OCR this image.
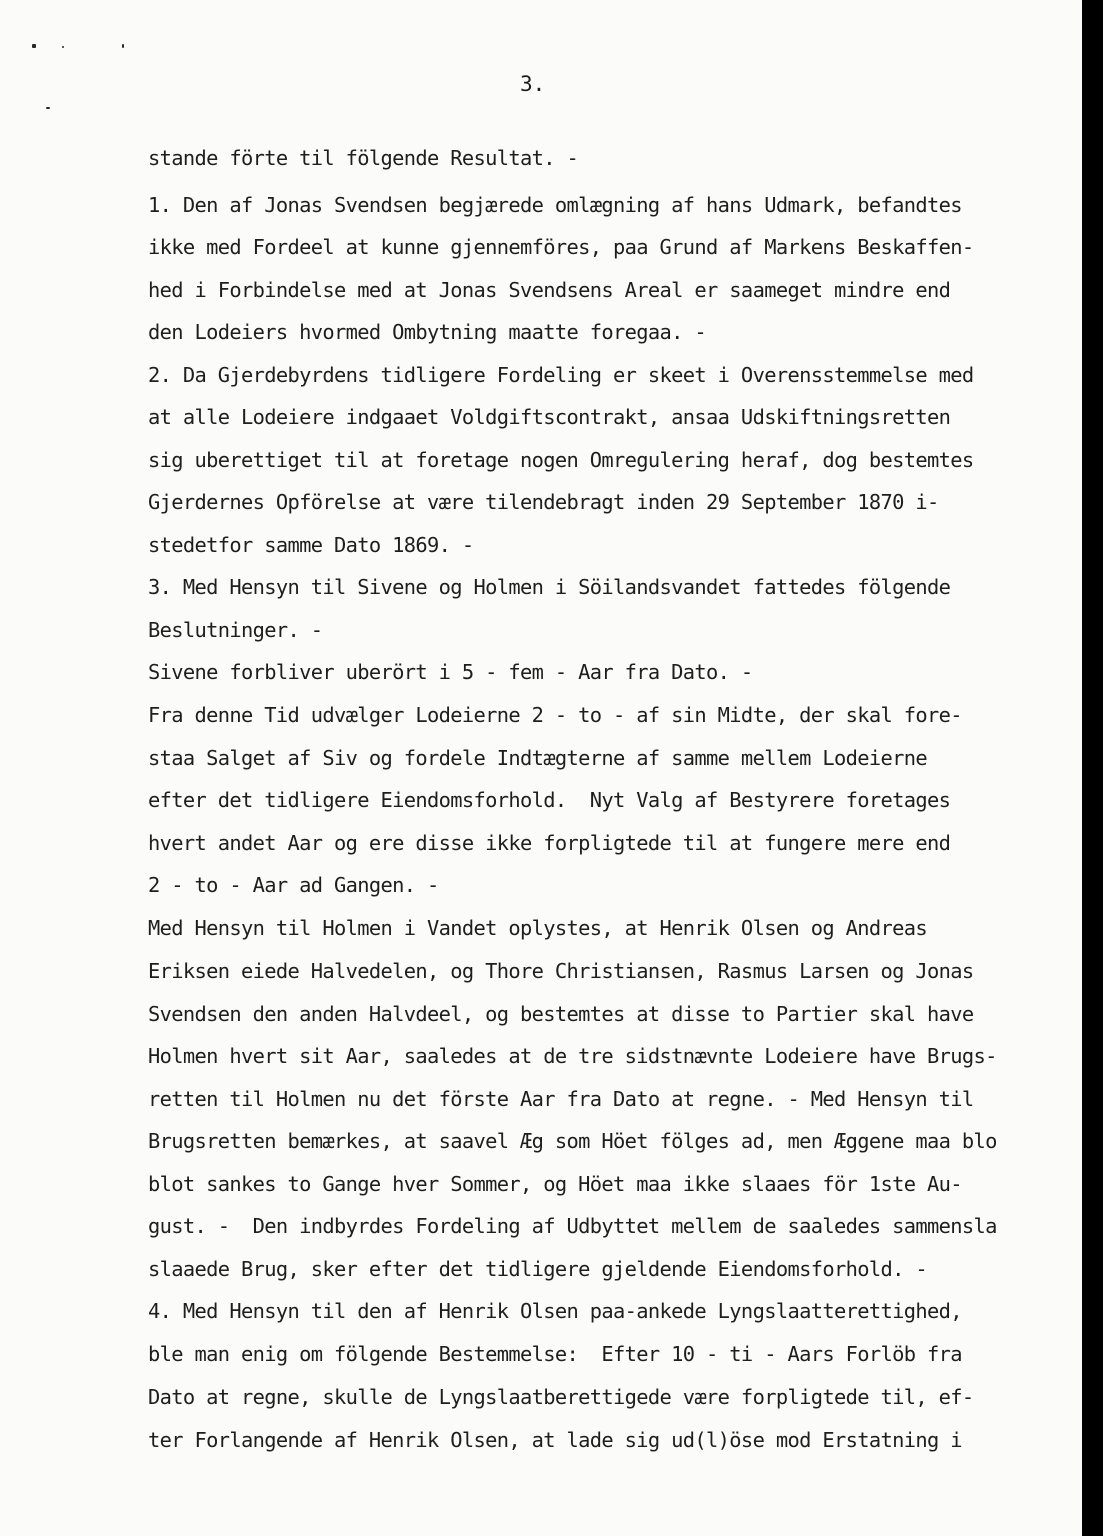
3.
stande förte til fölgende Resultat. -
1. Den af Jonas Svendsen begjærede omlægning af hans Udmark, befandtes
ikke med Fordeel at kunne gjennemföres, paa Grund af Markens Beskaffen-
hed i Forbindelse med at Jonas Svendsens Areal er saameget mindre end
den Lodeiers hvormed Ombytning maatte foregaa. -
2. Da Gjerdebyrdens tidligere Fordeling er skeet i Overensstemmelse med
at alle Lodeiere indgaaet Voldgiftscontrakt, ansaa Udskiftningsretten
sig uberettiget til at foretage nogen Omregulering heraf, dog bestemtes
Gjerdernes Opförelse at være tilendebragt inden 29 September 1870 i-
stedetfor samme Dato 1869. -
3. Med Hensyn til Sivene og Holmen i Söilandsvandet fattedes fölgende
Beslutninger. -
Sivene forbliver uberört i 5 - fem - Aar fra Dato. -
Fra denne Tid udvælger Lodeierne 2 - to - af sin Midte, der skal fore-
staa Salget af Siv og fordele Indtægterne af samme mellem Lodeierne
efter det tidligere Eiendomsforhold.  Nyt Valg af Bestyrere foretages
hvert andet Aar og ere disse ikke forpligtede til at fungere mere end
2 - to - Aar ad Gangen. -
Med Hensyn til Holmen i Vandet oplystes, at Henrik Olsen og Andreas
Eriksen eiede Halvedelen, og Thore Christiansen, Rasmus Larsen og Jonas
Svendsen den anden Halvdeel, og bestemtes at disse to Partier skal have
Holmen hvert sit Aar, saaledes at de tre sidstnævnte Lodeiere have Brugs-
retten til Holmen nu det förste Aar fra Dato at regne. - Med Hensyn til
Brugsretten bemærkes, at saavel Æg som Höet fölges ad, men Æggene maa blo
blot sankes to Gange hver Sommer, og Höet maa ikke slaaes för 1ste Au-
gust. -  Den indbyrdes Fordeling af Udbyttet mellem de saaledes sammensla
slaaede Brug, sker efter det tidligere gjeldende Eiendomsforhold. -
4. Med Hensyn til den af Henrik Olsen paa-ankede Lyngslaatterettighed,
ble man enig om fölgende Bestemmelse:  Efter 10 - ti - Aars Forlöb fra
Dato at regne, skulle de Lyngslaatberettigede være forpligtede til, ef-
ter Forlangende af Henrik Olsen, at lade sig ud(l)öse mod Erstatning i
